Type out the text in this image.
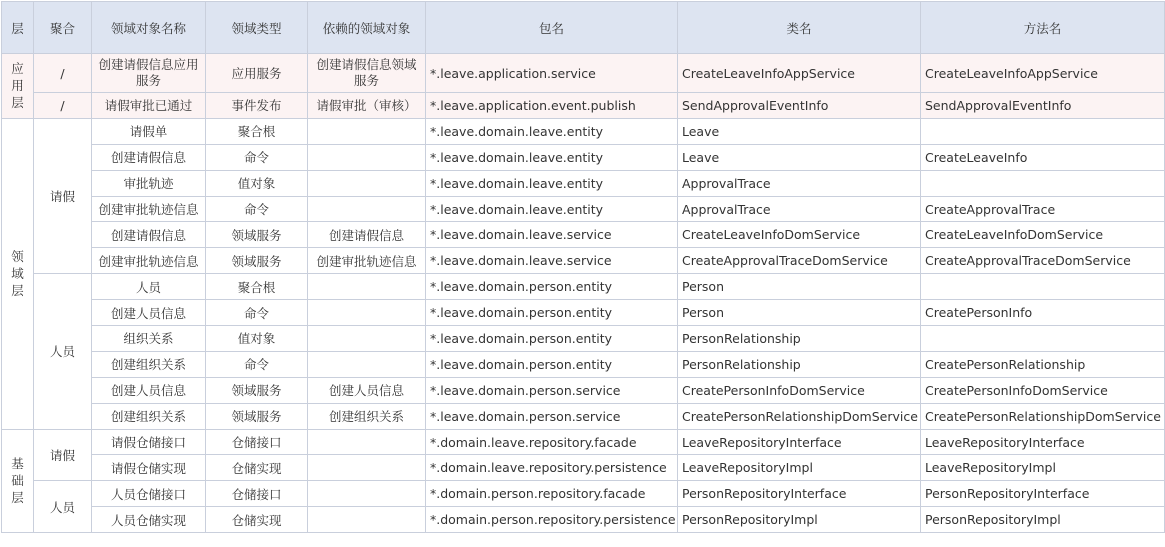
层	聚合	领域对象名称	领域类型	依赖的领域对象	包名	类名	方法名
应用层	/	创建请假信息应用服务	应用服务	创建请假信息领域服务	*.leave.application.service	CreateLeaveInfoAppService	CreateLeaveInfoAppService
	/	请假审批已通过	事件发布	请假审批（审核）	*.leave.application.event.publish	SendApprovalEventInfo	SendApprovalEventInfo
领域层	请假	请假单	聚合根		*.leave.domain.leave.entity	Leave	
		创建请假信息	命令		*.leave.domain.leave.entity	Leave	CreateLeaveInfo
		审批轨迹	值对象		*.leave.domain.leave.entity	ApprovalTrace	
		创建审批轨迹信息	命令		*.leave.domain.leave.entity	ApprovalTrace	CreateApprovalTrace
		创建请假信息	领域服务	创建请假信息	*.leave.domain.leave.service	CreateLeaveInfoDomService	CreateLeaveInfoDomService
		创建审批轨迹信息	领域服务	创建审批轨迹信息	*.leave.domain.leave.service	CreateApprovalTraceDomService	CreateApprovalTraceDomService
	人员	人员	聚合根		*.leave.domain.person.entity	Person	
		创建人员信息	命令		*.leave.domain.person.entity	Person	CreatePersonInfo
		组织关系	值对象		*.leave.domain.person.entity	PersonRelationship	
		创建组织关系	命令		*.leave.domain.person.entity	PersonRelationship	CreatePersonRelationship
		创建人员信息	领域服务	创建人员信息	*.leave.domain.person.service	CreatePersonInfoDomService	CreatePersonInfoDomService
		创建组织关系	领域服务	创建组织关系	*.leave.domain.person.service	CreatePersonRelationshipDomService	CreatePersonRelationshipDomService
基础层	请假	请假仓储接口	仓储接口		*.domain.leave.repository.facade	LeaveRepositoryInterface	LeaveRepositoryInterface
		请假仓储实现	仓储实现		*.domain.leave.repository.persistence	LeaveRepositoryImpl	LeaveRepositoryImpl
	人员	人员仓储接口	仓储接口		*.domain.person.repository.facade	PersonRepositoryInterface	PersonRepositoryInterface
		人员仓储实现	仓储实现		*.domain.person.repository.persistence	PersonRepositoryImpl	PersonRepositoryImpl
